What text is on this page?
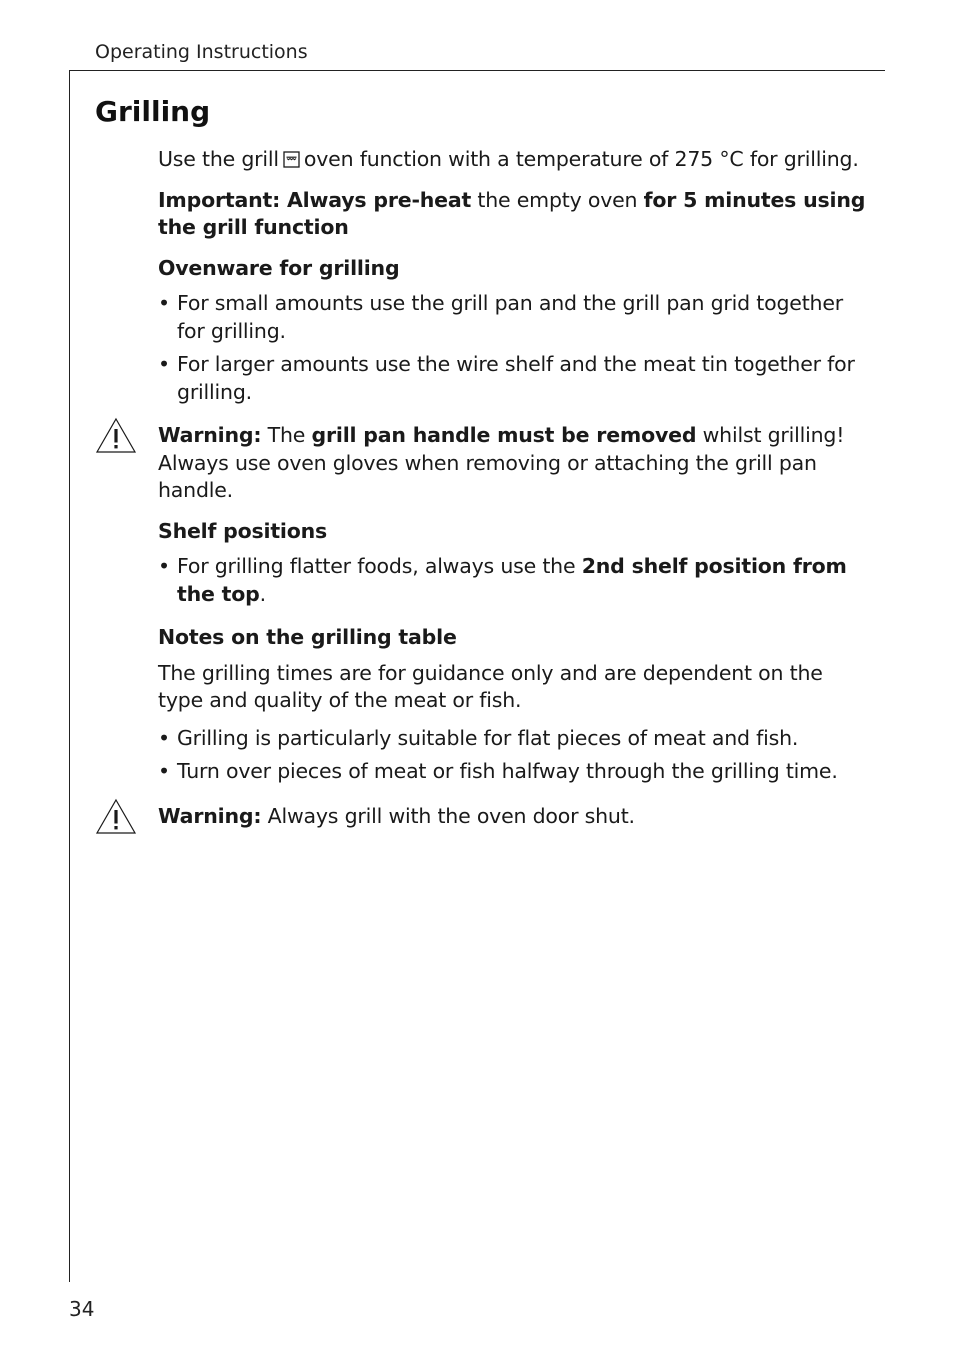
Operating Instructions
Grilling

Use the grill oven function with a temperature of 275 °C for grilling.

Important: Always pre-heat the empty oven for 5 minutes using the grill function

Ovenware for grilling

• For small amounts use the grill pan and the grill pan grid together for grilling.
• For larger amounts use the wire shelf and the meat tin together for grilling.

Warning: The grill pan handle must be removed whilst grilling! Always use oven gloves when removing or attaching the grill pan handle.

Shelf positions

• For grilling flatter foods, always use the 2nd shelf position from the top.

Notes on the grilling table

The grilling times are for guidance only and are dependent on the type and quality of the meat or fish.

• Grilling is particularly suitable for flat pieces of meat and fish.
• Turn over pieces of meat or fish halfway through the grilling time.

Warning: Always grill with the oven door shut.

34
